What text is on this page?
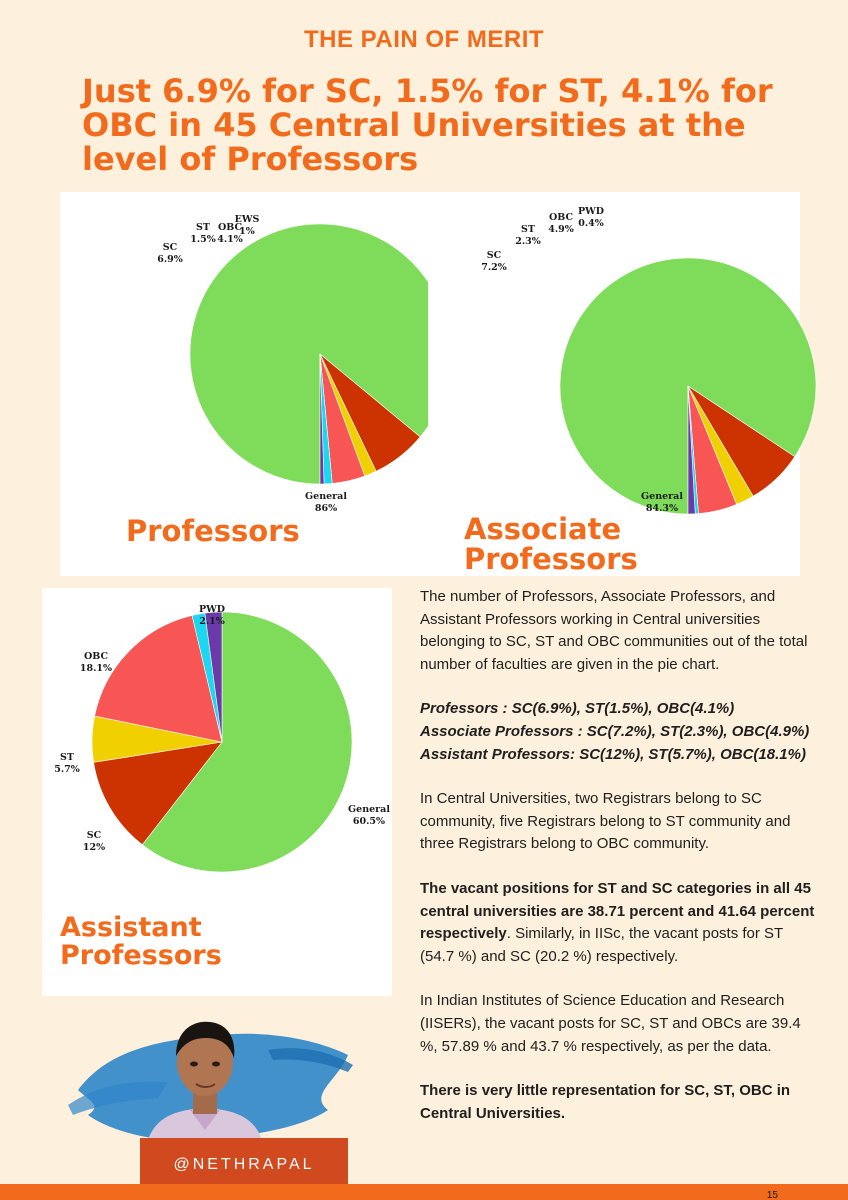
THE PAIN OF MERIT
Just 6.9% for SC, 1.5% for ST, 4.1% for OBC in 45 Central Universities at the level of Professors
General
86%
SC
6.9%
ST
1.5%
OBC
4.1%
EWS
1%
Professors
General
84.3%
SC
7.2%
ST
2.3%
OBC
4.9%
PWD
0.4%
Associate Professors
General
60.5%
SC
12%
ST
5.7%
OBC
18.1%
PWD
2.1%
Assistant Professors

The number of Professors, Associate Professors, and Assistant Professors working in Central universities belonging to SC, ST and OBC communities out of the total number of faculties are given in the pie chart.

Professors : SC(6.9%), ST(1.5%), OBC(4.1%)

Associate Professors : SC(7.2%), ST(2.3%), OBC(4.9%)

Assistant Professors: SC(12%), ST(5.7%), OBC(18.1%)

In Central Universities, two Registrars belong to SC community, five Registrars belong to ST community and three Registrars belong to OBC community.

The vacant positions for ST and SC categories in all 45 central universities are 38.71 percent and 41.64 percent respectively. Similarly, in IISc, the vacant posts for ST (54.7 %) and SC (20.2 %) respectively.

In Indian Institutes of Science Education and Research (IISERs), the vacant posts for SC, ST and OBCs are 39.4 %, 57.89 % and 43.7 % respectively, as per the data.

There is very little representation for SC, ST, OBC in Central Universities.

@NETHRAPAL
15
